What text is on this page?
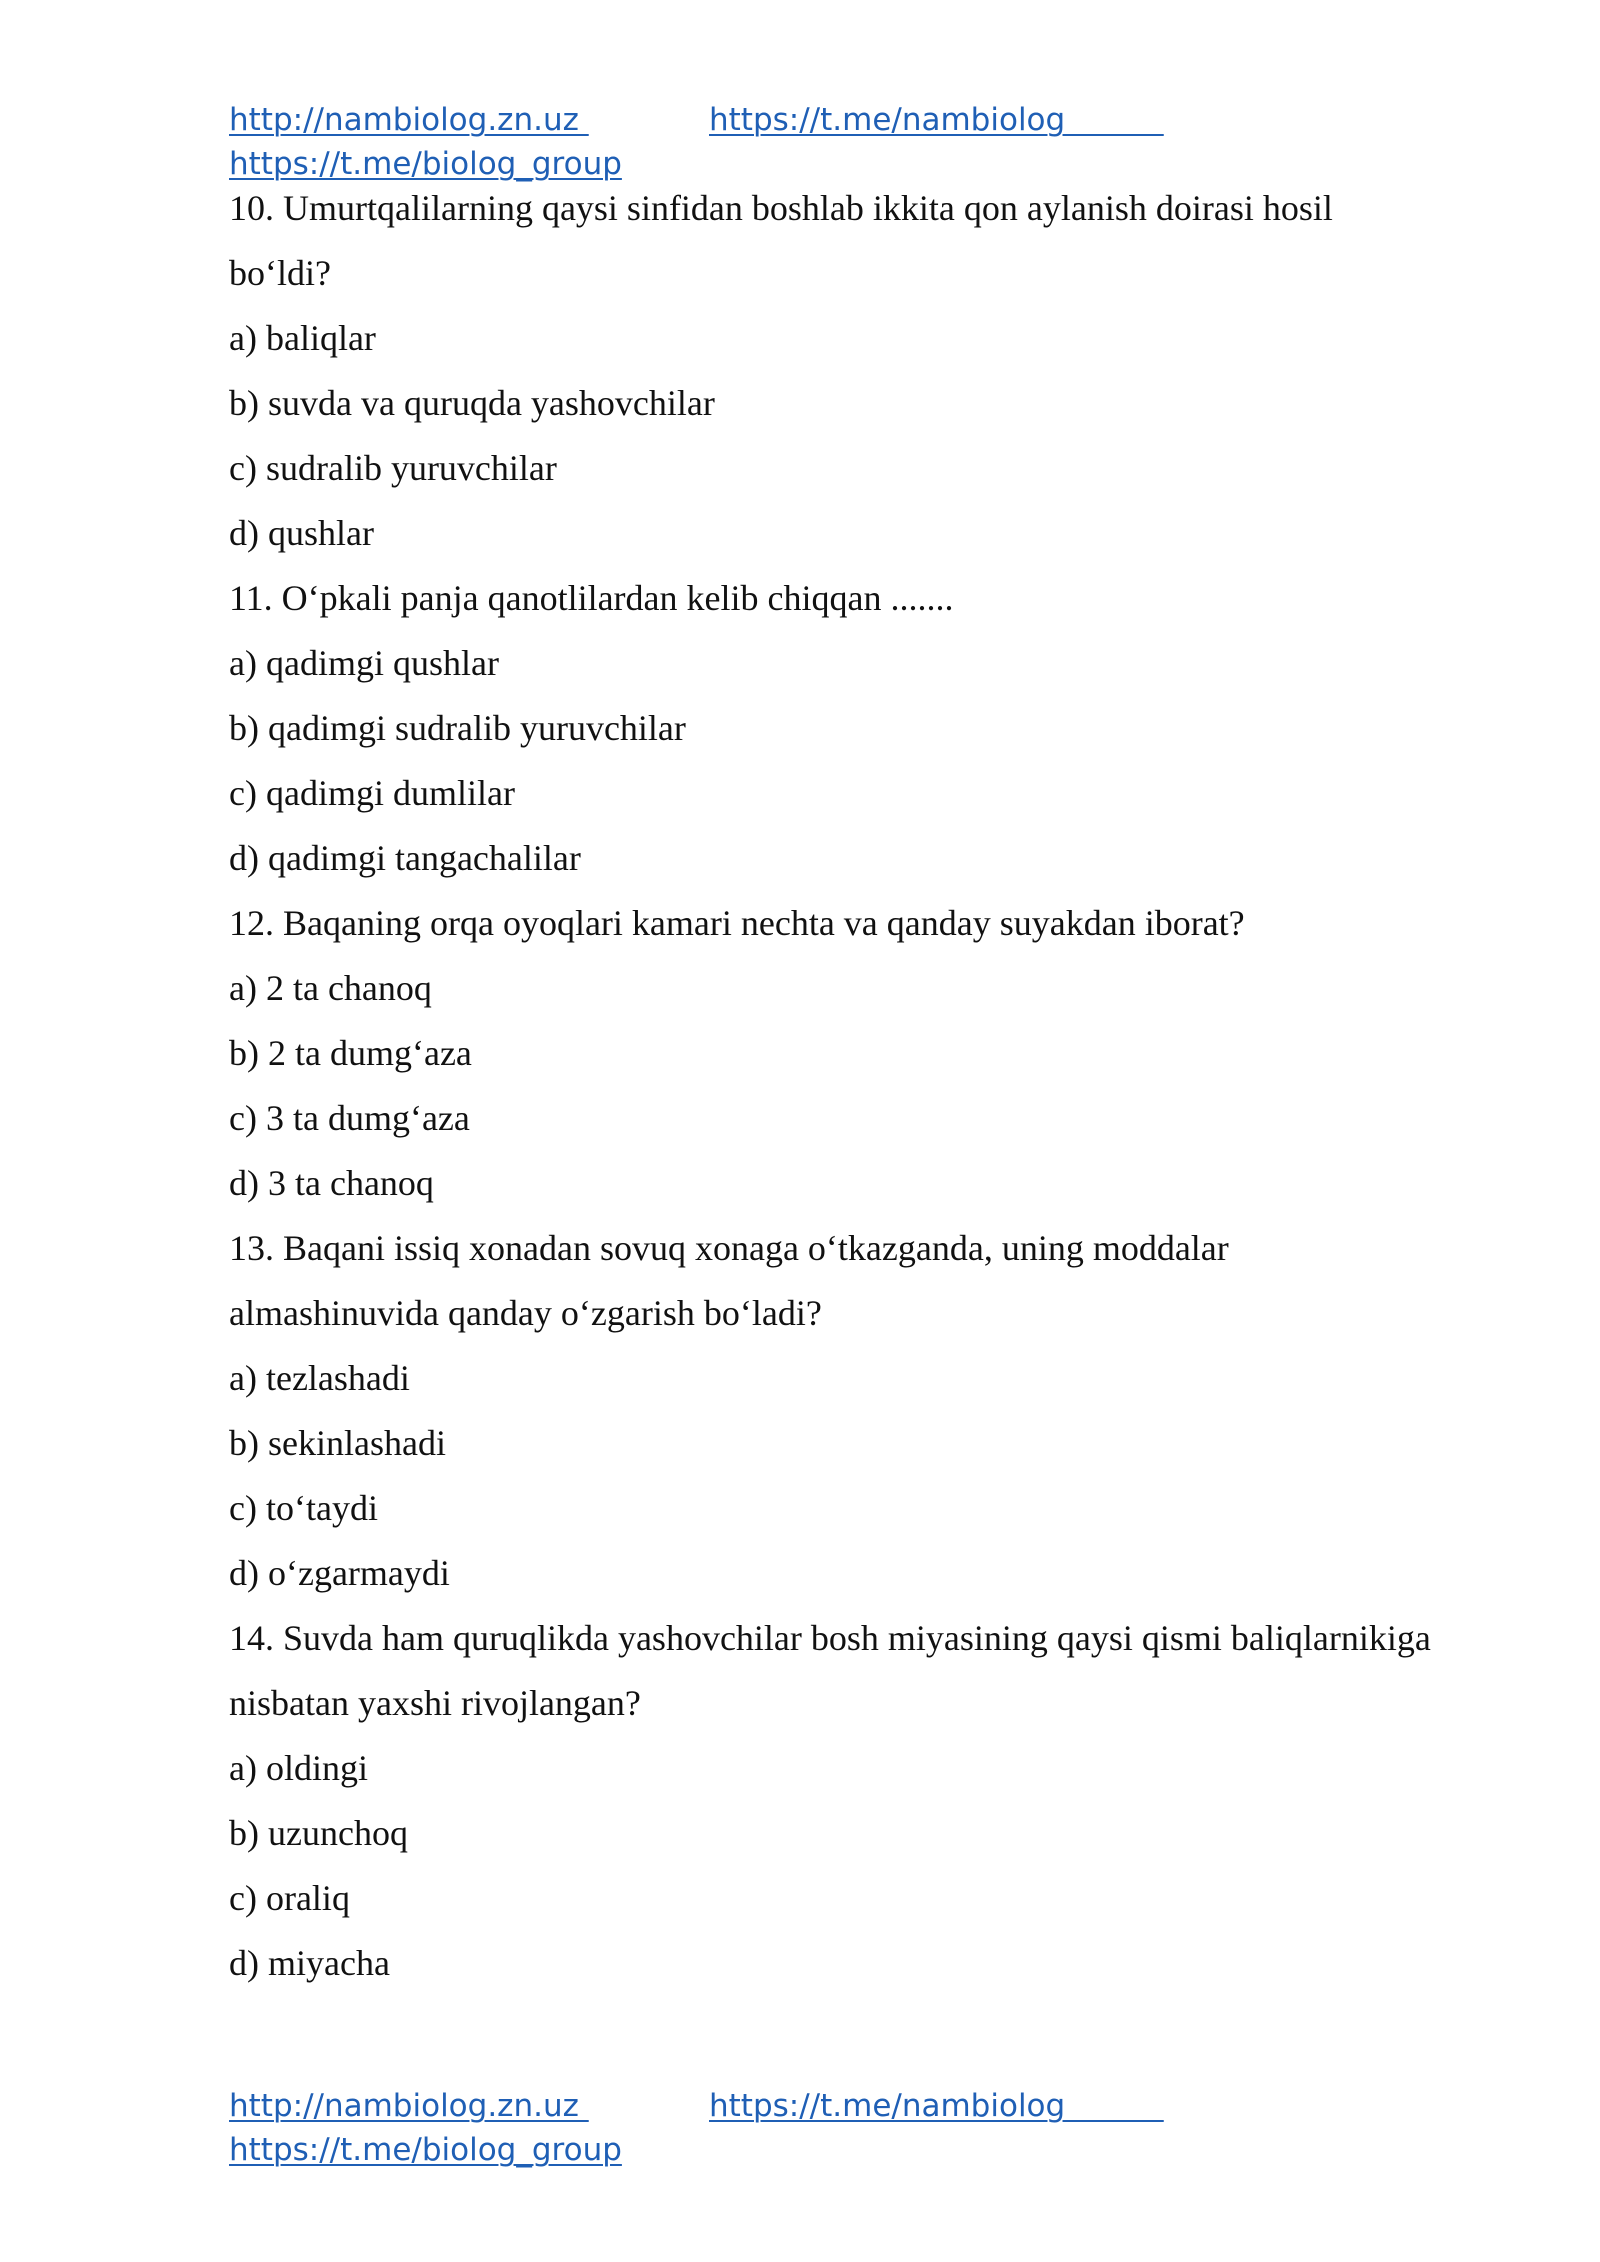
http://nambiolog.zn.uz	https://t.me/nambiolog
https://t.me/biolog_group
10. Umurtqalilarning qaysi sinfidan boshlab ikkita qon aylanish doirasi hosil
bo‘ldi?
a) baliqlar
b) suvda va quruqda yashovchilar
c) sudralib yuruvchilar
d) qushlar
11. O‘pkali panja qanotlilardan kelib chiqqan .......
a) qadimgi qushlar
b) qadimgi sudralib yuruvchilar
c) qadimgi dumlilar
d) qadimgi tangachalilar
12. Baqaning orqa oyoqlari kamari nechta va qanday suyakdan iborat?
a) 2 ta chanoq
b) 2 ta dumg‘aza
c) 3 ta dumg‘aza
d) 3 ta chanoq
13. Baqani issiq xonadan sovuq xonaga o‘tkazganda, uning moddalar
almashinuvida qanday o‘zgarish bo‘ladi?
a) tezlashadi
b) sekinlashadi
c) to‘taydi
d) o‘zgarmaydi
14. Suvda ham quruqlikda yashovchilar bosh miyasining qaysi qismi baliqlarnikiga
nisbatan yaxshi rivojlangan?
a) oldingi
b) uzunchoq
c) oraliq
d) miyacha
http://nambiolog.zn.uz	https://t.me/nambiolog
https://t.me/biolog_group
